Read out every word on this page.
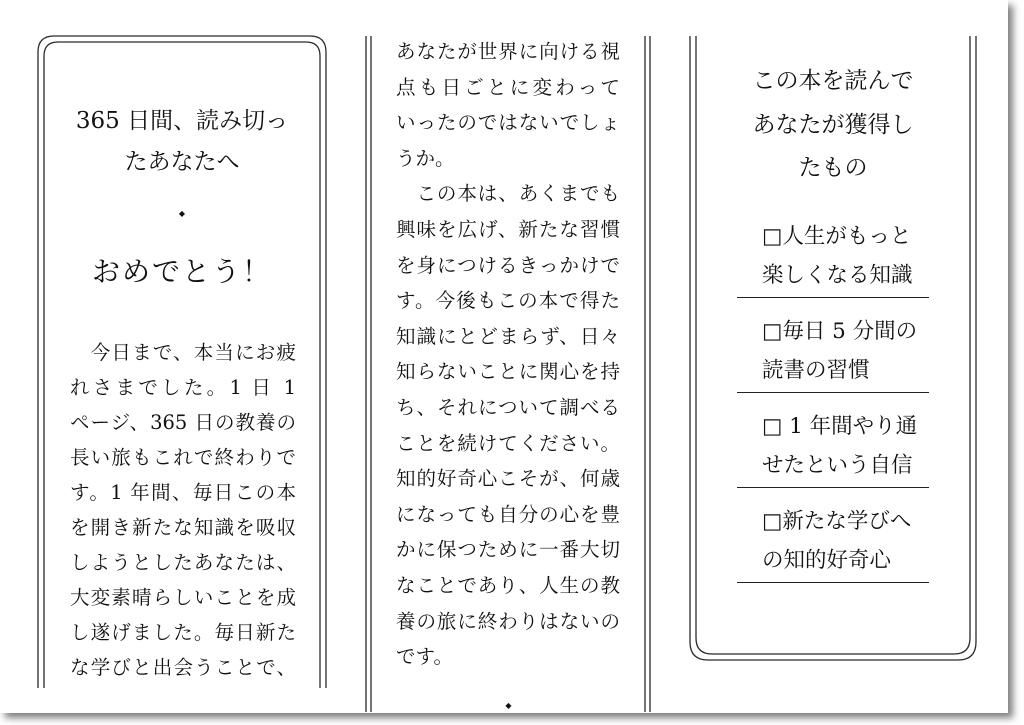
365 日間、読み切っ
たあなたへ
◆
おめでとう！
　今日まで、本当にお疲
れさまでした。1 日 1
ページ、365 日の教養の
長い旅もこれで終わりで
す。1 年間、毎日この本
を開き新たな知識を吸収
しようとしたあなたは、
大変素晴らしいことを成
し遂げました。毎日新た
な学びと出会うことで、
あなたが世界に向ける視
点も日ごとに変わって
いったのではないでしょ
うか。
　この本は、あくまでも
興味を広げ、新たな習慣
を身につけるきっかけで
す。今後もこの本で得た
知識にとどまらず、日々
知らないことに関心を持
ち、それについて調べる
ことを続けてください。
知的好奇心こそが、何歳
になっても自分の心を豊
かに保つために一番大切
なことであり、人生の教
養の旅に終わりはないの
です。
◆
この本を読んで
あなたが獲得し
たもの
□人生がもっと
楽しくなる知識
□毎日 5 分間の
読書の習慣
□ 1 年間やり通
せたという自信
□新たな学びへ
の知的好奇心
